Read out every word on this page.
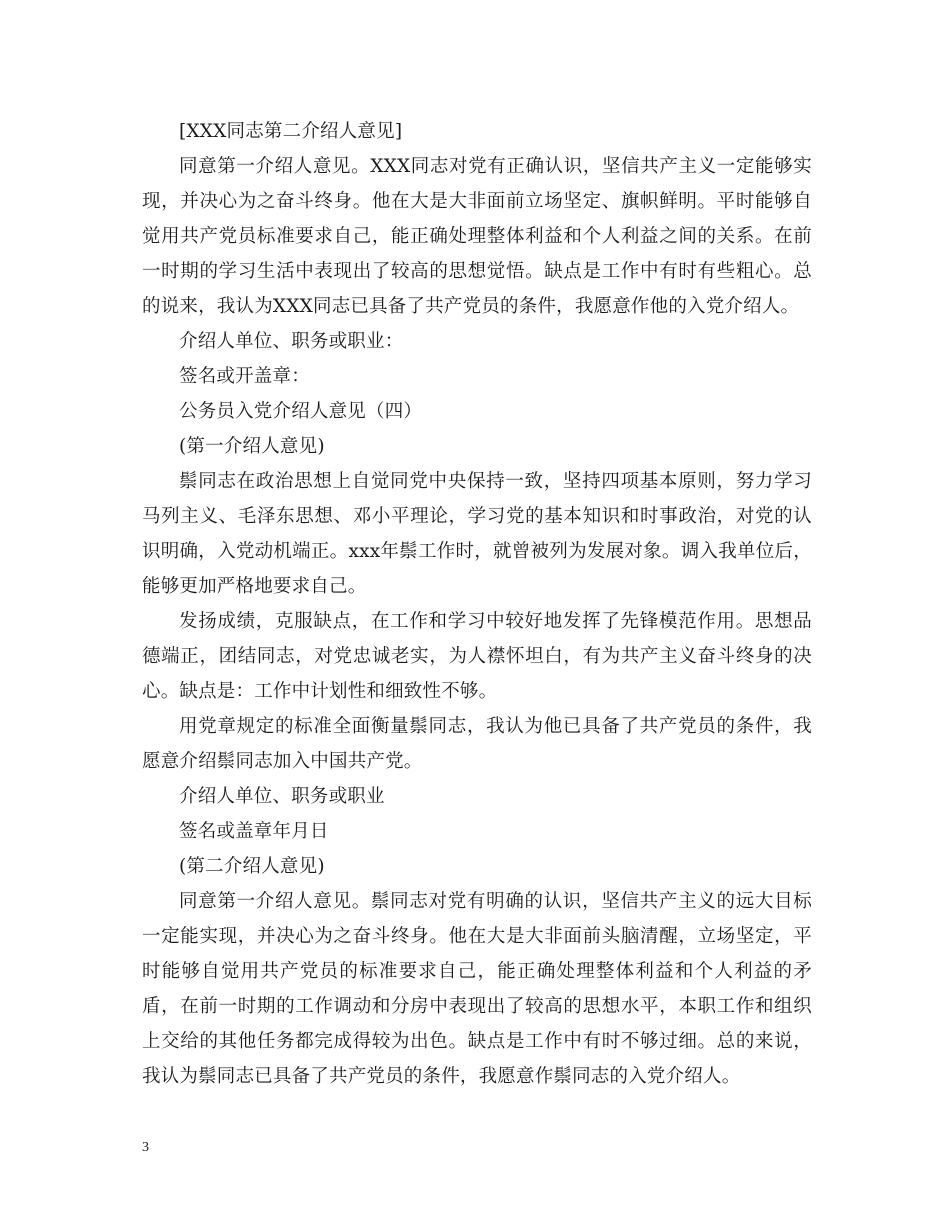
[XXX同志第二介绍人意见]

同意第一介绍人意见。XXX同志对党有正确认识，坚信共产主义一定能够实现，并决心为之奋斗终身。他在大是大非面前立场坚定、旗帜鲜明。平时能够自觉用共产党员标准要求自己，能正确处理整体利益和个人利益之间的关系。在前一时期的学习生活中表现出了较高的思想觉悟。缺点是工作中有时有些粗心。总的说来，我认为XXX同志已具备了共产党员的条件，我愿意作他的入党介绍人。

介绍人单位、职务或职业：

签名或开盖章：

公务员入党介绍人意见（四）

(第一介绍人意见)

鬃同志在政治思想上自觉同党中央保持一致，坚持四项基本原则，努力学习马列主义、毛泽东思想、邓小平理论，学习党的基本知识和时事政治，对党的认识明确，入党动机端正。xxx年鬃工作时，就曾被列为发展对象。调入我单位后，能够更加严格地要求自己。

发扬成绩，克服缺点，在工作和学习中较好地发挥了先锋模范作用。思想品德端正，团结同志，对党忠诚老实，为人襟怀坦白，有为共产主义奋斗终身的决心。缺点是：工作中计划性和细致性不够。

用党章规定的标准全面衡量鬃同志，我认为他已具备了共产党员的条件，我愿意介绍鬃同志加入中国共产党。

介绍人单位、职务或职业

签名或盖章年月日

(第二介绍人意见)

同意第一介绍人意见。鬃同志对党有明确的认识，坚信共产主义的远大目标一定能实现，并决心为之奋斗终身。他在大是大非面前头脑清醒，立场坚定，平时能够自觉用共产党员的标准要求自己，能正确处理整体利益和个人利益的矛盾，在前一时期的工作调动和分房中表现出了较高的思想水平，本职工作和组织上交给的其他任务都完成得较为出色。缺点是工作中有时不够过细。总的来说，我认为鬃同志已具备了共产党员的条件，我愿意作鬃同志的入党介绍人。

3
